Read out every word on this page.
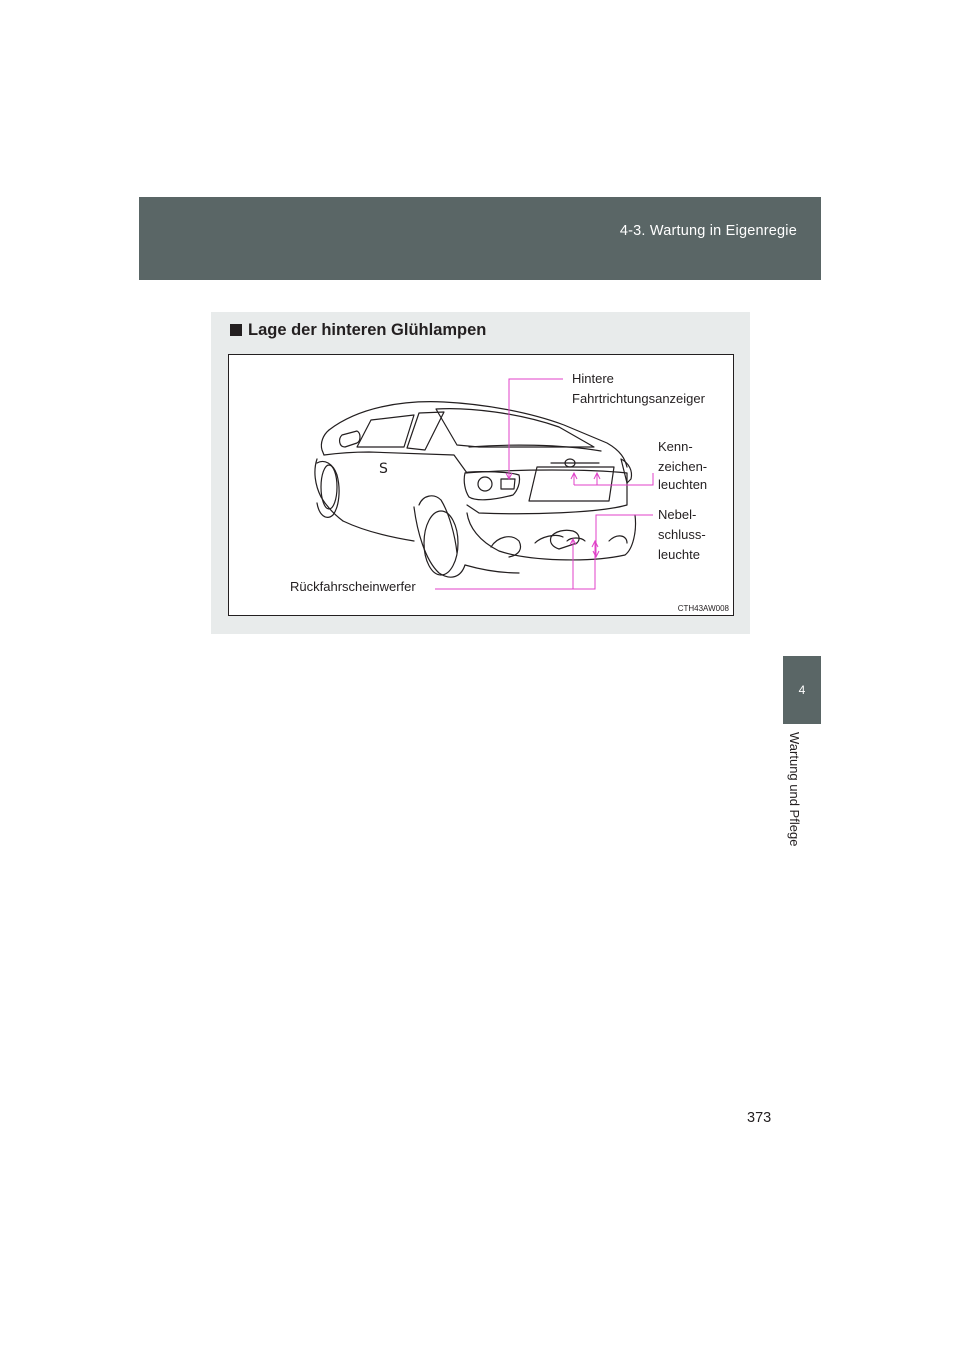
4-3. Wartung in Eigenregie
4
Wartung und Pflege
Lage der hinteren Glühlampen
S
Hintere
Fahrtrichtungsanzeiger
Kenn-
zeichen-
leuchten
Nebel-
schluss-
leuchte
Rückfahrscheinwerfer
CTH43AW008
373
